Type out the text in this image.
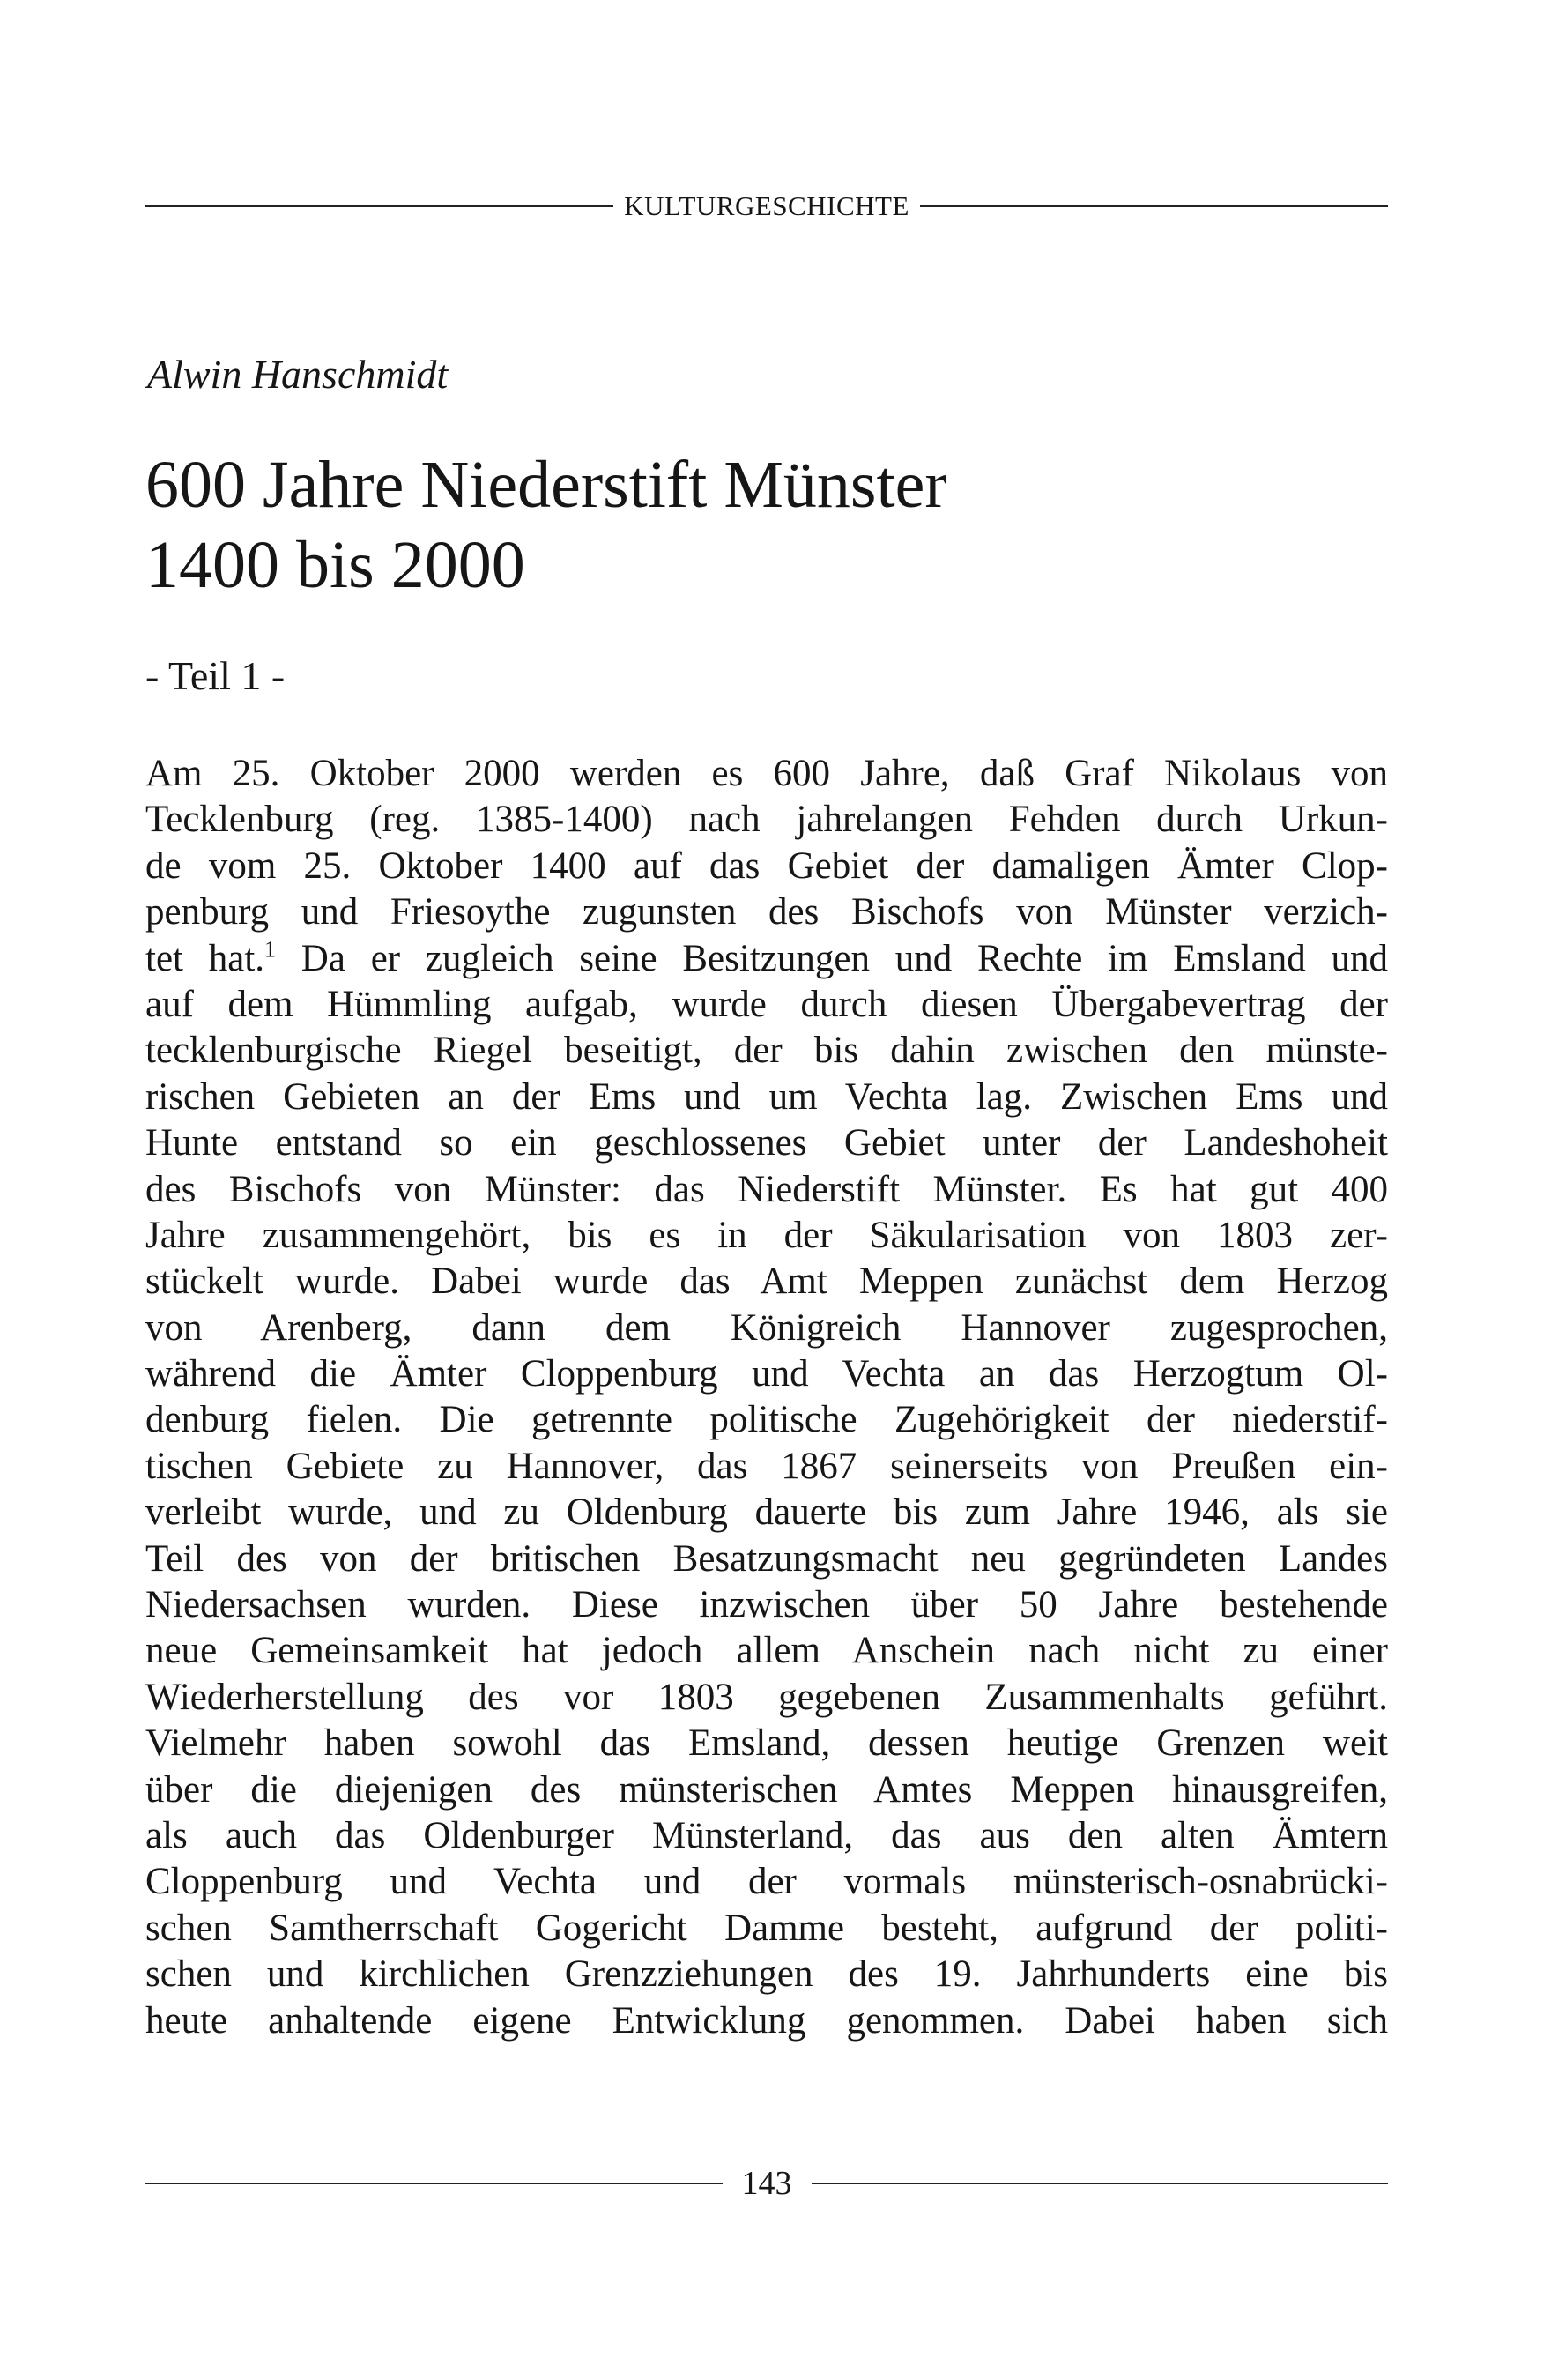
KULTURGESCHICHTE
Alwin Hanschmidt
600 Jahre Niederstift Münster
1400 bis 2000
- Teil 1 -
Am 25. Oktober 2000 werden es 600 Jahre, daß Graf Nikolaus von
Tecklenburg (reg. 1385-1400) nach jahrelangen Fehden durch Urkun-
de vom 25. Oktober 1400 auf das Gebiet der damaligen Ämter Clop-
penburg und Friesoythe zugunsten des Bischofs von Münster verzich-
tet hat.$^1$ Da er zugleich seine Besitzungen und Rechte im Emsland und
auf dem Hümmling aufgab, wurde durch diesen Übergabevertrag der
tecklenburgische Riegel beseitigt, der bis dahin zwischen den münste-
rischen Gebieten an der Ems und um Vechta lag. Zwischen Ems und
Hunte entstand so ein geschlossenes Gebiet unter der Landeshoheit
des Bischofs von Münster: das Niederstift Münster. Es hat gut 400
Jahre zusammengehört, bis es in der Säkularisation von 1803 zer-
stückelt wurde. Dabei wurde das Amt Meppen zunächst dem Herzog
von Arenberg, dann dem Königreich Hannover zugesprochen,
während die Ämter Cloppenburg und Vechta an das Herzogtum Ol-
denburg fielen. Die getrennte politische Zugehörigkeit der niederstif-
tischen Gebiete zu Hannover, das 1867 seinerseits von Preußen ein-
verleibt wurde, und zu Oldenburg dauerte bis zum Jahre 1946, als sie
Teil des von der britischen Besatzungsmacht neu gegründeten Landes
Niedersachsen wurden. Diese inzwischen über 50 Jahre bestehende
neue Gemeinsamkeit hat jedoch allem Anschein nach nicht zu einer
Wiederherstellung des vor 1803 gegebenen Zusammenhalts geführt.
Vielmehr haben sowohl das Emsland, dessen heutige Grenzen weit
über die diejenigen des münsterischen Amtes Meppen hinausgreifen,
als auch das Oldenburger Münsterland, das aus den alten Ämtern
Cloppenburg und Vechta und der vormals münsterisch-osnabrücki-
schen Samtherrschaft Gogericht Damme besteht, aufgrund der politi-
schen und kirchlichen Grenzziehungen des 19. Jahrhunderts eine bis
heute anhaltende eigene Entwicklung genommen. Dabei haben sich
143
